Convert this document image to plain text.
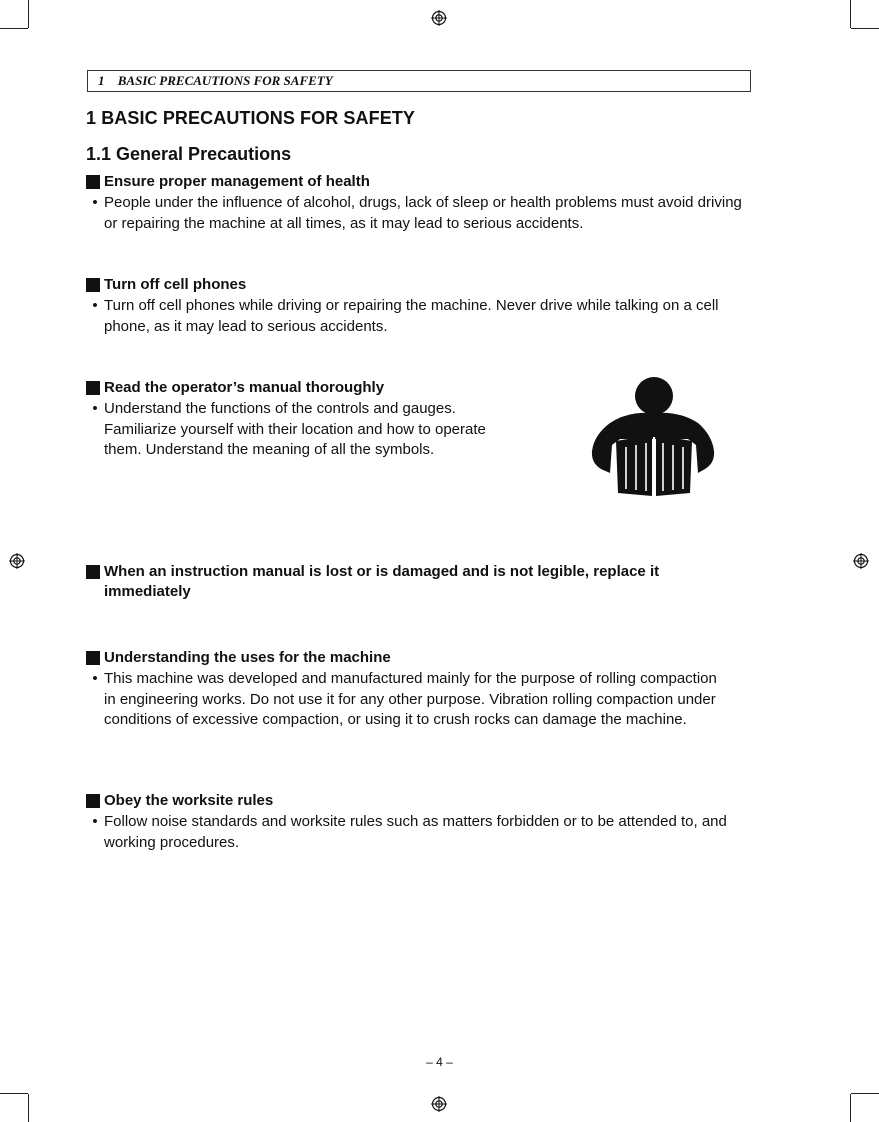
1 BASIC PRECAUTIONS FOR SAFETY
1 BASIC PRECAUTIONS FOR SAFETY
1.1 General Precautions
Ensure proper management of health
• People under the influence of alcohol, drugs, lack of sleep or health problems must avoid driving or repairing the machine at all times, as it may lead to serious accidents.
Turn off cell phones
• Turn off cell phones while driving or repairing the machine. Never drive while talking on a cell phone, as it may lead to serious accidents.
Read the operator’s manual thoroughly
• Understand the functions of the controls and gauges. Familiarize yourself with their location and how to operate them. Understand the meaning of all the symbols.
When an instruction manual is lost or is damaged and is not legible, replace it immediately
Understanding the uses for the machine
• This machine was developed and manufactured mainly for the purpose of rolling compaction in engineering works. Do not use it for any other purpose. Vibration rolling compaction under conditions of excessive compaction, or using it to crush rocks can damage the machine.
Obey the worksite rules
• Follow noise standards and worksite rules such as matters forbidden or to be attended to, and working procedures.
– 4 –
